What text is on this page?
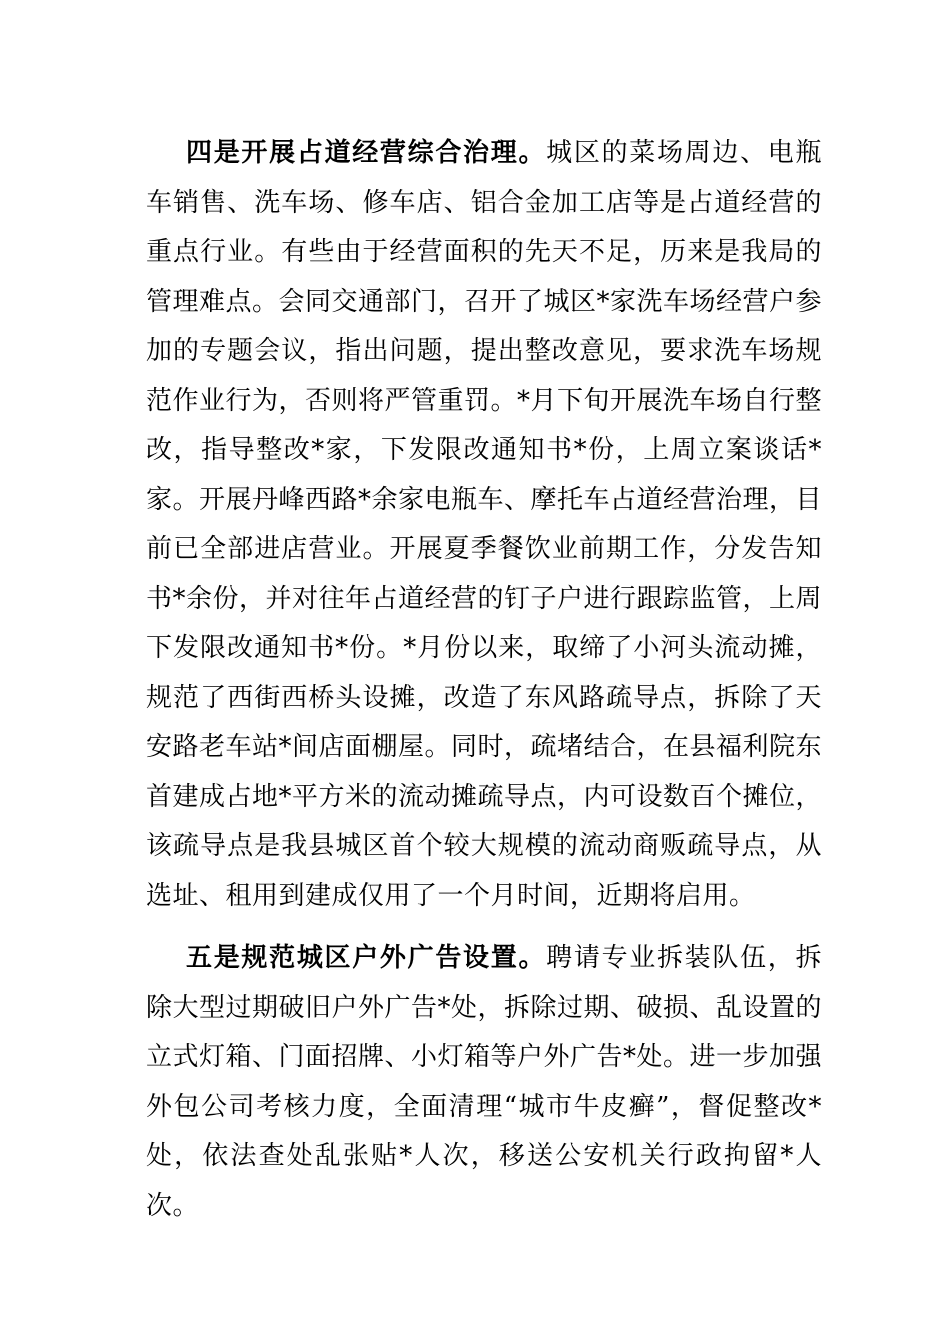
四是开展占道经营综合治理。城区的菜场周边、电瓶车销售、洗车场、修车店、铝合金加工店等是占道经营的重点行业。有些由于经营面积的先天不足，历来是我局的管理难点。会同交通部门，召开了城区*家洗车场经营户参加的专题会议，指出问题，提出整改意见，要求洗车场规范作业行为，否则将严管重罚。*月下旬开展洗车场自行整改，指导整改*家，下发限改通知书*份，上周立案谈话*家。开展丹峰西路*余家电瓶车、摩托车占道经营治理，目前已全部进店营业。开展夏季餐饮业前期工作，分发告知书*余份，并对往年占道经营的钉子户进行跟踪监管，上周下发限改通知书*份。*月份以来，取缔了小河头流动摊，规范了西街西桥头设摊，改造了东风路疏导点，拆除了天安路老车站*间店面棚屋。同时，疏堵结合，在县福利院东首建成占地*平方米的流动摊疏导点，内可设数百个摊位，该疏导点是我县城区首个较大规模的流动商贩疏导点，从选址、租用到建成仅用了一个月时间，近期将启用。

五是规范城区户外广告设置。聘请专业拆装队伍，拆除大型过期破旧户外广告*处，拆除过期、破损、乱设置的立式灯箱、门面招牌、小灯箱等户外广告*处。进一步加强外包公司考核力度，全面清理“城市牛皮癣”，督促整改*处，依法查处乱张贴*人次，移送公安机关行政拘留*人次。
